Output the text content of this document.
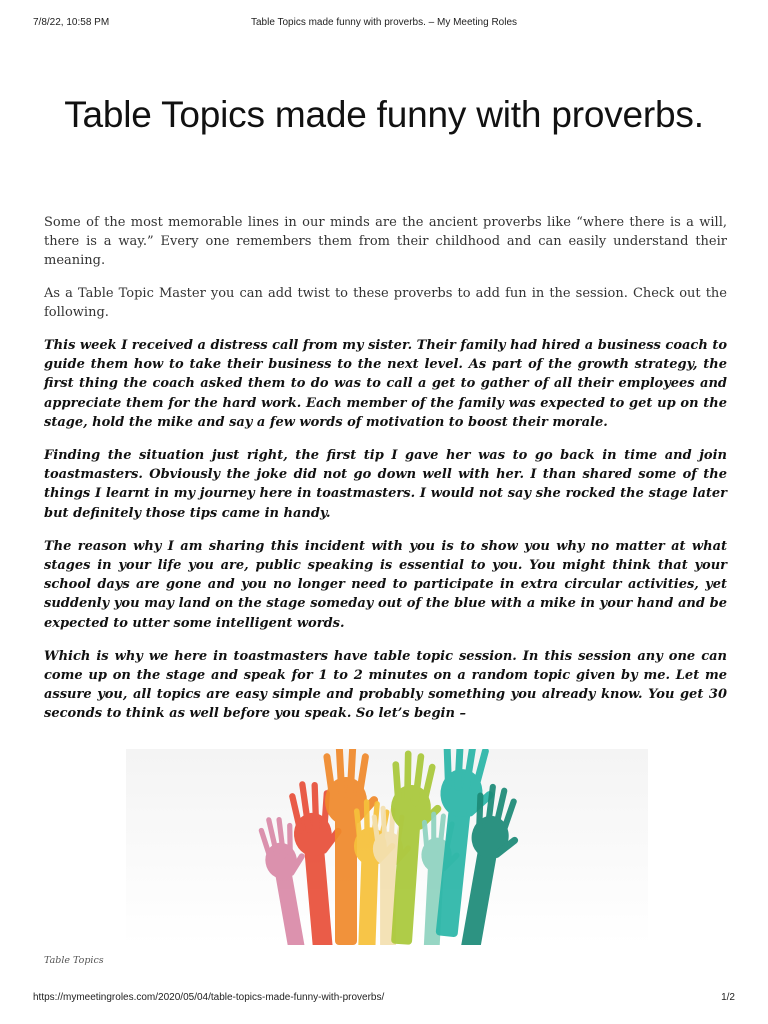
7/8/22, 10:58 PM	Table Topics made funny with proverbs. – My Meeting Roles
Table Topics made funny with proverbs.

Some of the most memorable lines in our minds are the ancient proverbs like “where there is a will, there is a way.” Every one remembers them from their childhood and can easily understand their meaning.

As a Table Topic Master you can add twist to these proverbs to add fun in the session. Check out the following.

This week I received a distress call from my sister. Their family had hired a business coach to guide them how to take their business to the next level. As part of the growth strategy, the first thing the coach asked them to do was to call a get to gather of all their employees and appreciate them for the hard work. Each member of the family was expected to get up on the stage, hold the mike and say a few words of motivation to boost their morale.

Finding the situation just right, the first tip I gave her was to go back in time and join toastmasters. Obviously the joke did not go down well with her. I than shared some of the things I learnt in my journey here in toastmasters. I would not say she rocked the stage later but definitely those tips came in handy.

The reason why I am sharing this incident with you is to show you why no matter at what stages in your life you are, public speaking is essential to you. You might think that your school days are gone and you no longer need to participate in extra circular activities, yet suddenly you may land on the stage someday out of the blue with a mike in your hand and be expected to utter some intelligent words.

Which is why we here in toastmasters have table topic session. In this session any one can come up on the stage and speak for 1 to 2 minutes on a random topic given by me. Let me assure you, all topics are easy simple and probably something you already know. You get 30 seconds to think as well before you speak. So let’s begin –

Table Topics
https://mymeetingroles.com/2020/05/04/table-topics-made-funny-with-proverbs/	1/2
